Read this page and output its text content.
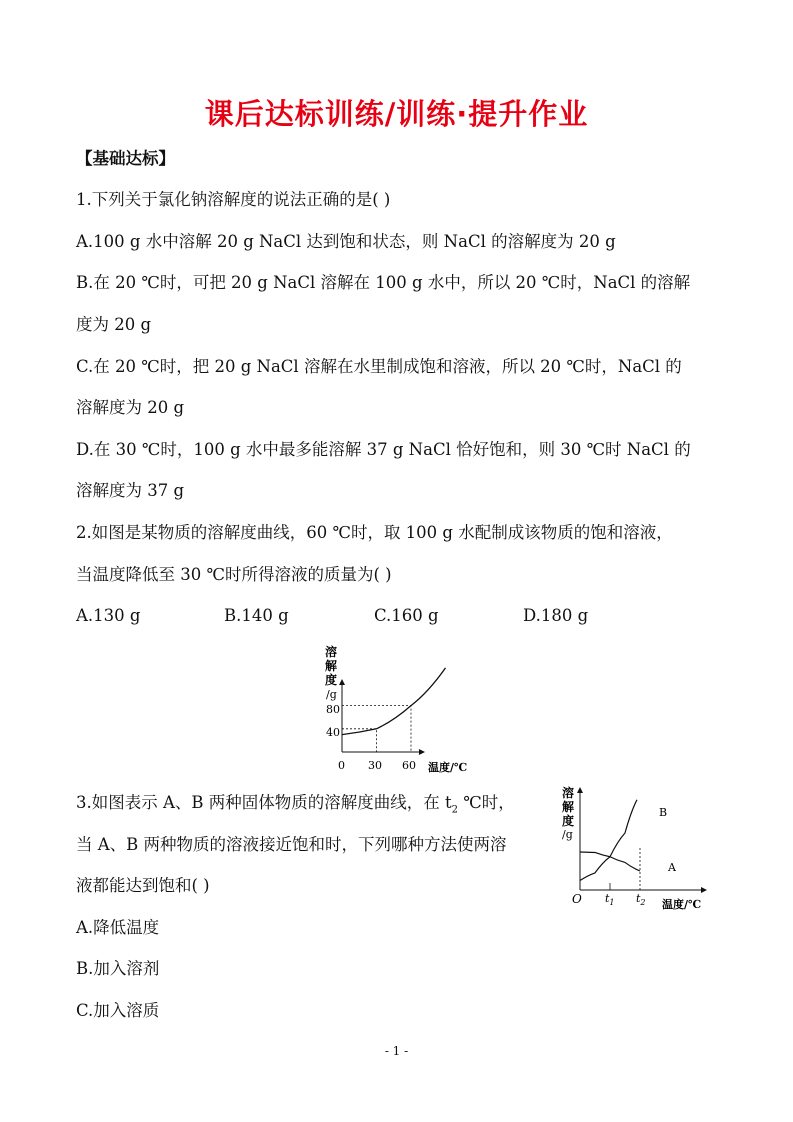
课后达标训练/训练·提升作业
【基础达标】
1.下列关于氯化钠溶解度的说法正确的是( )
A.100 g 水中溶解 20 g NaCl 达到饱和状态，则 NaCl 的溶解度为 20 g
B.在 20 ℃时，可把 20 g NaCl 溶解在 100 g 水中，所以 20 ℃时，NaCl 的溶解
度为 20 g
C.在 20 ℃时，把 20 g NaCl 溶解在水里制成饱和溶液，所以 20 ℃时，NaCl 的
溶解度为 20 g
D.在 30 ℃时，100 g 水中最多能溶解 37 g NaCl 恰好饱和，则 30 ℃时 NaCl 的
溶解度为 37 g
2.如图是某物质的溶解度曲线，60 ℃时，取 100 g 水配制成该物质的饱和溶液，
当温度降低至 30 ℃时所得溶液的质量为( )
A.130 g	B.140 g	C.160 g	D.180 g
溶
解
度
/g
0 30 60
40
80
温度/℃
3.如图表示 A、B 两种固体物质的溶解度曲线，在 $t_2$ ℃时，
当 A、B 两种物质的溶液接近饱和时，下列哪种方法使两溶
液都能达到饱和( )
A.降低温度
B.加入溶剂
C.加入溶质
溶
解
度
/g
O $t_1$ $t_2$ 温度/℃
A
B
- 1 -
